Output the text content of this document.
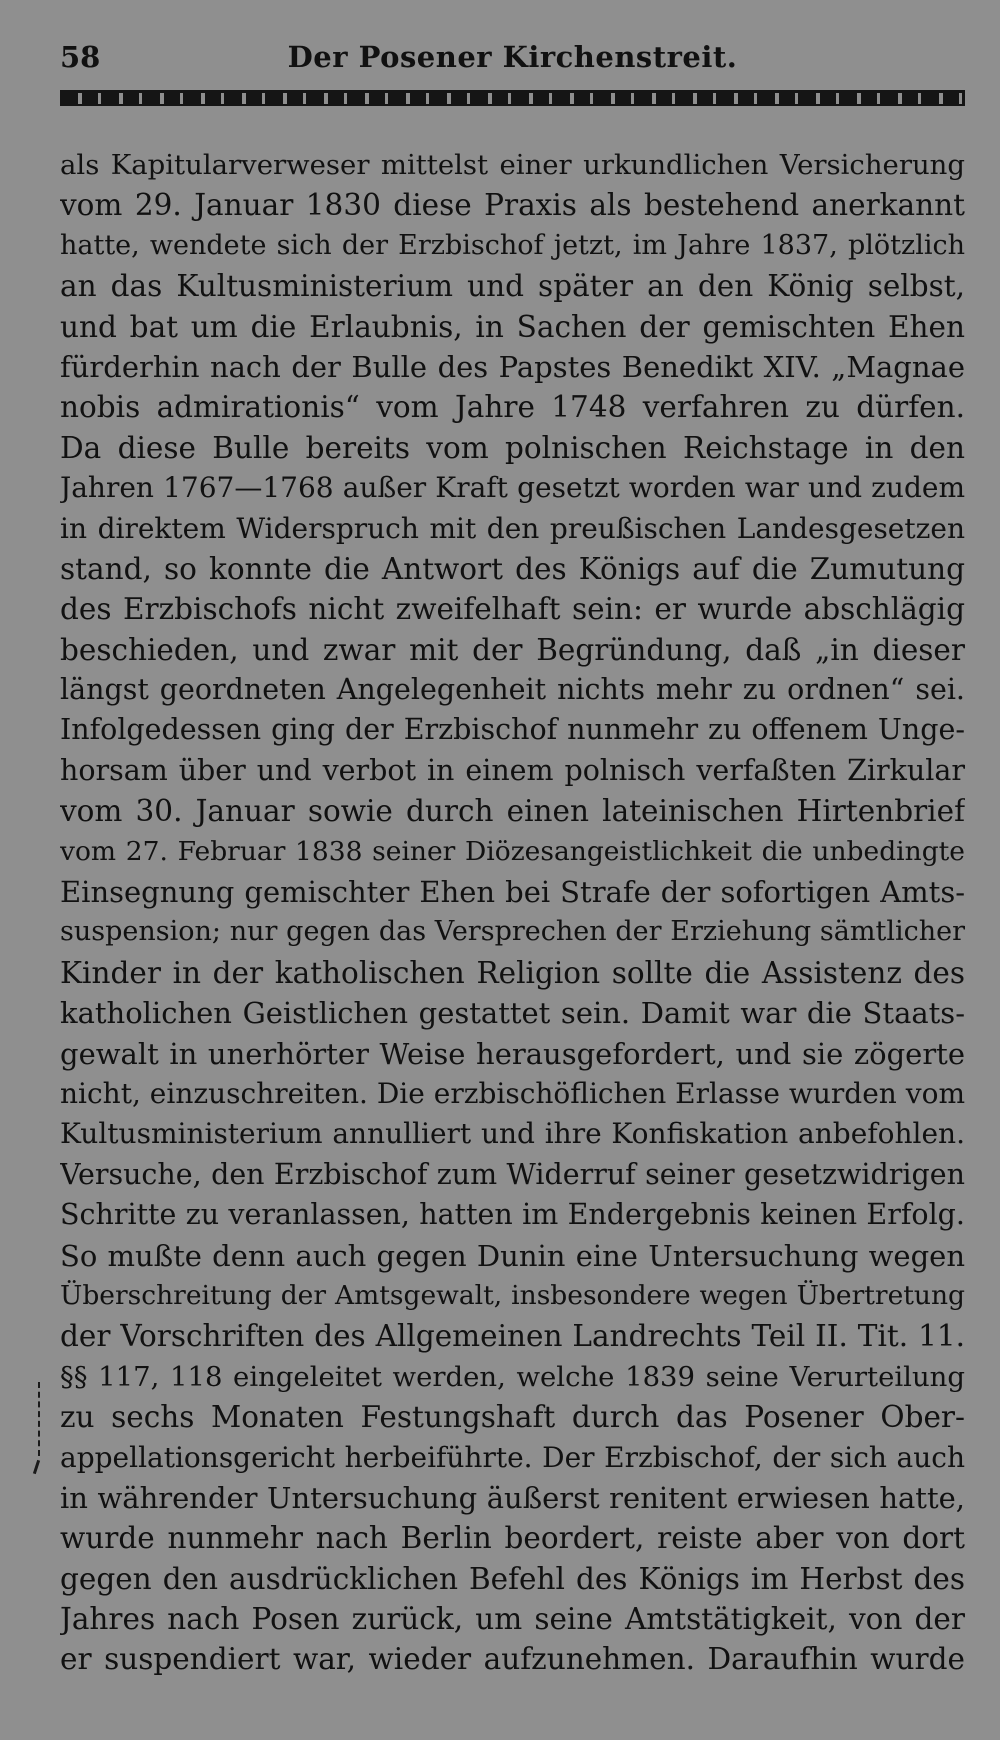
58	Der Posener Kirchenstreit.
als Kapitularverweser mittelst einer urkundlichen Versicherung
vom 29. Januar 1830 diese Praxis als bestehend anerkannt
hatte, wendete sich der Erzbischof jetzt, im Jahre 1837, plötzlich
an das Kultusministerium und später an den König selbst,
und bat um die Erlaubnis, in Sachen der gemischten Ehen
fürderhin nach der Bulle des Papstes Benedikt XIV. „Magnae
nobis admirationis“ vom Jahre 1748 verfahren zu dürfen.
Da diese Bulle bereits vom polnischen Reichstage in den
Jahren 1767—1768 außer Kraft gesetzt worden war und zudem
in direktem Widerspruch mit den preußischen Landesgesetzen
stand, so konnte die Antwort des Königs auf die Zumutung
des Erzbischofs nicht zweifelhaft sein: er wurde abschlägig
beschieden, und zwar mit der Begründung, daß „in dieser
längst geordneten Angelegenheit nichts mehr zu ordnen“ sei.
Infolgedessen ging der Erzbischof nunmehr zu offenem Unge-
horsam über und verbot in einem polnisch verfaßten Zirkular
vom 30. Januar sowie durch einen lateinischen Hirtenbrief
vom 27. Februar 1838 seiner Diözesangeistlichkeit die unbedingte
Einsegnung gemischter Ehen bei Strafe der sofortigen Amts-
suspension; nur gegen das Versprechen der Erziehung sämtlicher
Kinder in der katholischen Religion sollte die Assistenz des
katholichen Geistlichen gestattet sein. Damit war die Staats-
gewalt in unerhörter Weise herausgefordert, und sie zögerte
nicht, einzuschreiten. Die erzbischöflichen Erlasse wurden vom
Kultusministerium annulliert und ihre Konfiskation anbefohlen.
Versuche, den Erzbischof zum Widerruf seiner gesetzwidrigen
Schritte zu veranlassen, hatten im Endergebnis keinen Erfolg.
So mußte denn auch gegen Dunin eine Untersuchung wegen
Überschreitung der Amtsgewalt, insbesondere wegen Übertretung
der Vorschriften des Allgemeinen Landrechts Teil II. Tit. 11.
§§ 117, 118 eingeleitet werden, welche 1839 seine Verurteilung
zu sechs Monaten Festungshaft durch das Posener Ober-
appellationsgericht herbeiführte. Der Erzbischof, der sich auch
in währender Untersuchung äußerst renitent erwiesen hatte,
wurde nunmehr nach Berlin beordert, reiste aber von dort
gegen den ausdrücklichen Befehl des Königs im Herbst des
Jahres nach Posen zurück, um seine Amtstätigkeit, von der
er suspendiert war, wieder aufzunehmen. Daraufhin wurde
